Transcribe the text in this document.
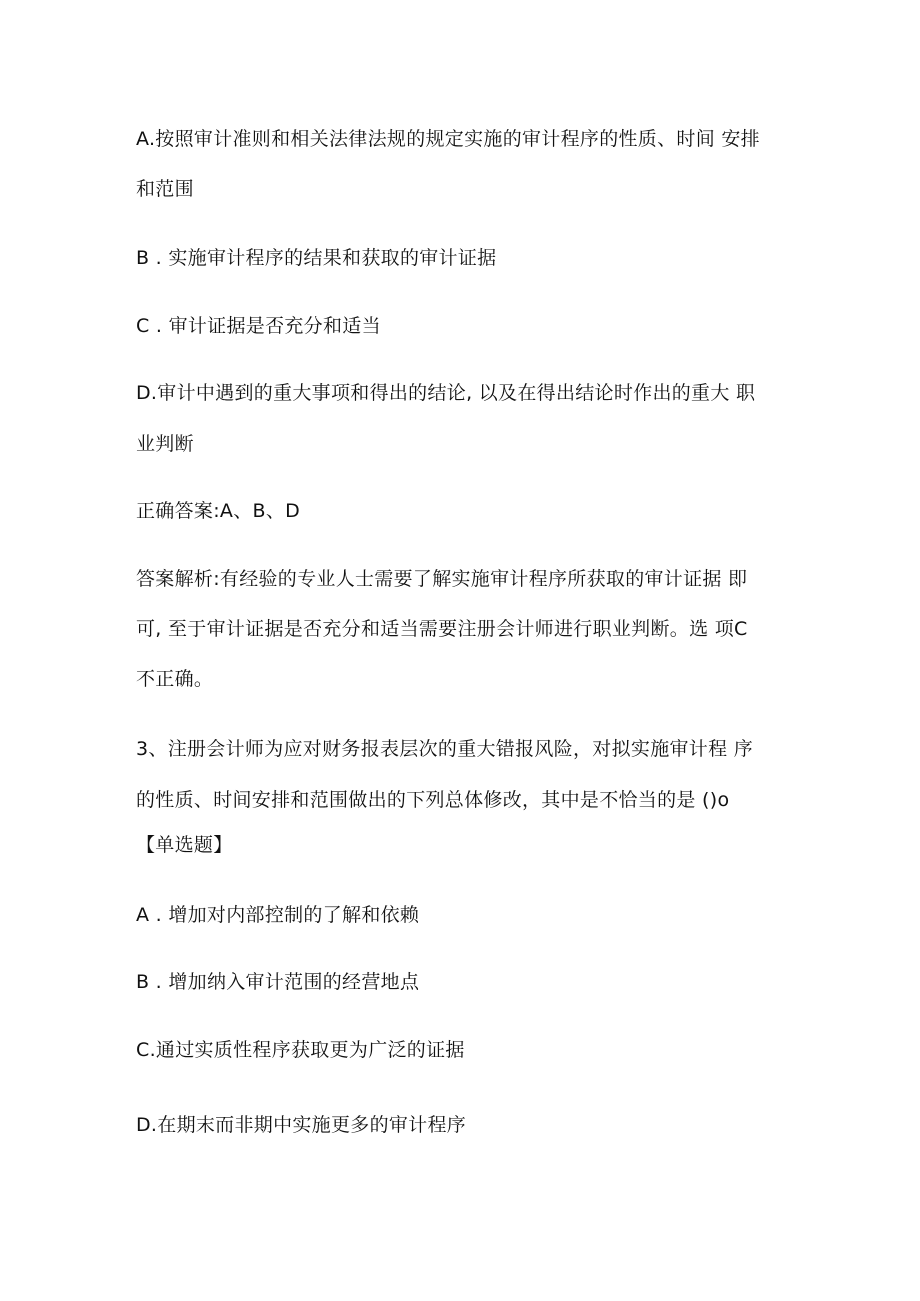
A.按照审计准则和相关法律法规的规定实施的审计程序的性质、时间 安排
和范围
B . 实施审计程序的结果和获取的审计证据
C . 审计证据是否充分和适当
D.审计中遇到的重大事项和得出的结论, 以及在得出结论时作出的重大 职
业判断
正确答案:A、B、D
答案解析:有经验的专业人士需要了解实施审计程序所获取的审计证据 即
可, 至于审计证据是否充分和适当需要注册会计师进行职业判断。选 项C
不正确。
3、注册会计师为应对财务报表层次的重大错报风险，对拟实施审计程 序
的性质、时间安排和范围做出的下列总体修改，其中是不恰当的是 ()o
【单选题】
A . 增加对内部控制的了解和依赖
B . 增加纳入审计范围的经营地点
C.通过实质性程序获取更为广泛的证据
D.在期末而非期中实施更多的审计程序
